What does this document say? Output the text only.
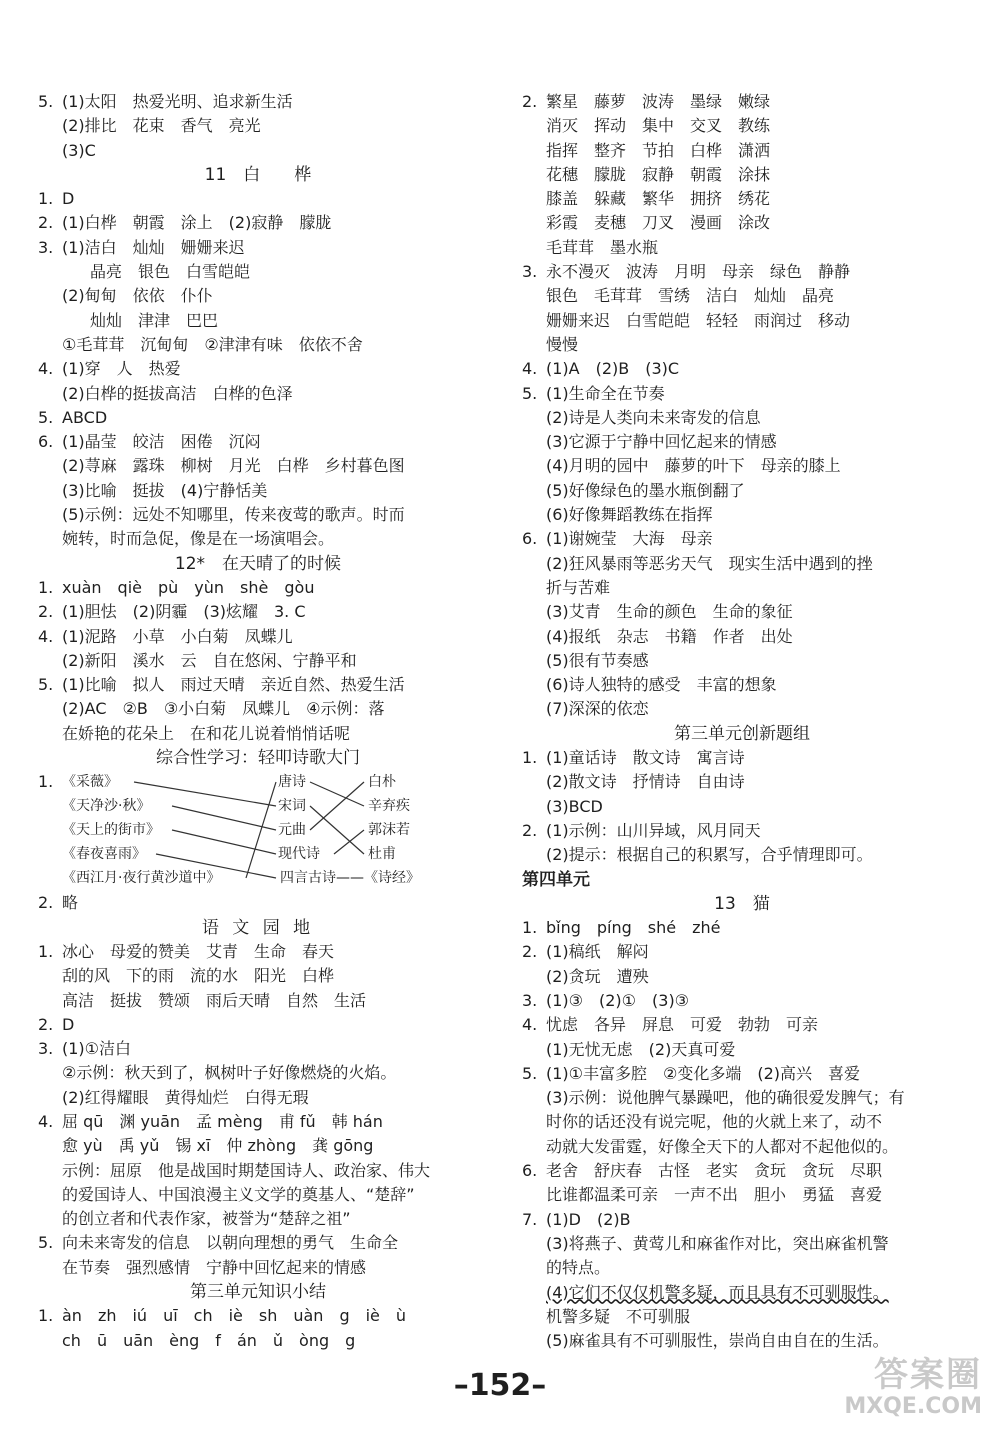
5. (1)太阳　热爱光明、追求新生活
(2)排比　花束　香气　亮光
(3)C
11　白　　桦
1. D
2. (1)白桦　朝霞　涂上　(2)寂静　朦胧
3. (1)洁白　灿灿　姗姗来迟
晶亮　银色　白雪皑皑
(2)甸甸　依依　仆仆
灿灿　津津　巴巴
①毛茸茸　沉甸甸　②津津有味　依依不舍
4. (1)穿　人　热爱
(2)白桦的挺拔高洁　白桦的色泽
5. ABCD
6. (1)晶莹　皎洁　困倦　沉闷
(2)荨麻　露珠　柳树　月光　白桦　乡村暮色图
(3)比喻　挺拔　(4)宁静恬美
(5)示例：远处不知哪里，传来夜莺的歌声。时而
婉转，时而急促，像是在一场演唱会。
12*　在天晴了的时候
1. xuàn　qiè　pù　yùn　shè　gòu
2. (1)胆怯　(2)阴霾　(3)炫耀　3. C
4. (1)泥路　小草　小白菊　凤蝶儿
(2)新阳　溪水　云　自在悠闲、宁静平和
5. (1)比喻　拟人　雨过天晴　亲近自然、热爱生活
(2)AC　②B　③小白菊　凤蝶儿　④示例：落
在娇艳的花朵上　在和花儿说着悄悄话呢
综合性学习：轻叩诗歌大门
1. 《采薇》
《天净沙·秋》
《天上的街市》
《春夜喜雨》
《西江月·夜行黄沙道中》
唐诗
宋词
元曲
现代诗
四言古诗——《诗经》
白朴
辛弃疾
郭沫若
杜甫
2. 略
语 文 园 地
1. 冰心　母爱的赞美　艾青　生命　春天
刮的风　下的雨　流的水　阳光　白桦
高洁　挺拔　赞颂　雨后天晴　自然　生活
2. D
3. (1)①洁白
②示例：秋天到了，枫树叶子好像燃烧的火焰。
(2)红得耀眼　黄得灿烂　白得无瑕
4. 屈 qū　渊 yuān　孟 mèng　甫 fǔ　韩 hán
愈 yù　禹 yǔ　锡 xī　仲 zhòng　龚 gōng
示例：屈原　他是战国时期楚国诗人、政治家、伟大
的爱国诗人、中国浪漫主义文学的奠基人、“楚辞”
的创立者和代表作家，被誉为“楚辞之祖”
5. 向未来寄发的信息　以朝向理想的勇气　生命全
在节奏　强烈感情　宁静中回忆起来的情感
第三单元知识小结
1. àn　zh　iú　uī　ch　iè　sh　uàn　g　iè　ù
ch　ū　uān　èng　f　án　ǔ　òng　g
2. 繁星　藤萝　波涛　墨绿　嫩绿
消灭　挥动　集中　交叉　教练
指挥　整齐　节拍　白桦　潇洒
花穗　朦胧　寂静　朝霞　涂抹
膝盖　躲藏　繁华　拥挤　绣花
彩霞　麦穗　刀叉　漫画　涂改
毛茸茸　墨水瓶
3. 永不漫灭　波涛　月明　母亲　绿色　静静
银色　毛茸茸　雪绣　洁白　灿灿　晶亮
姗姗来迟　白雪皑皑　轻轻　雨润过　移动
慢慢
4. (1)A　(2)B　(3)C
5. (1)生命全在节奏
(2)诗是人类向未来寄发的信息
(3)它源于宁静中回忆起来的情感
(4)月明的园中　藤萝的叶下　母亲的膝上
(5)好像绿色的墨水瓶倒翻了
(6)好像舞蹈教练在指挥
6. (1)谢婉莹　大海　母亲
(2)狂风暴雨等恶劣天气　现实生活中遇到的挫
折与苦难
(3)艾青　生命的颜色　生命的象征
(4)报纸　杂志　书籍　作者　出处
(5)很有节奏感
(6)诗人独特的感受　丰富的想象
(7)深深的依恋
第三单元创新题组
1. (1)童话诗　散文诗　寓言诗
(2)散文诗　抒情诗　自由诗
(3)BCD
2. (1)示例：山川异域，风月同天
(2)提示：根据自己的积累写，合乎情理即可。
第四单元
13　猫
1. bǐng　píng　shé　zhé
2. (1)稿纸　解闷
(2)贪玩　遭殃
3. (1)③　(2)①　(3)③
4. 忧虑　各异　屏息　可爱　勃勃　可亲
(1)无忧无虑　(2)天真可爱
5. (1)①丰富多腔　②变化多端　(2)高兴　喜爱
(3)示例：说他脾气暴躁吧，他的确很爱发脾气；有
时你的话还没有说完呢，他的火就上来了，动不
动就大发雷霆，好像全天下的人都对不起他似的。
6. 老舍　舒庆春　古怪　老实　贪玩　贪玩　尽职
比谁都温柔可亲　一声不出　胆小　勇猛　喜爱
7. (1)D　(2)B
(3)将燕子、黄莺儿和麻雀作对比，突出麻雀机警
的特点。
(4)它们不仅仅机警多疑，而且具有不可驯服性。
机警多疑　不可驯服
(5)麻雀具有不可驯服性，崇尚自由自在的生活。
–152–	答案圈
MXQE.COM
